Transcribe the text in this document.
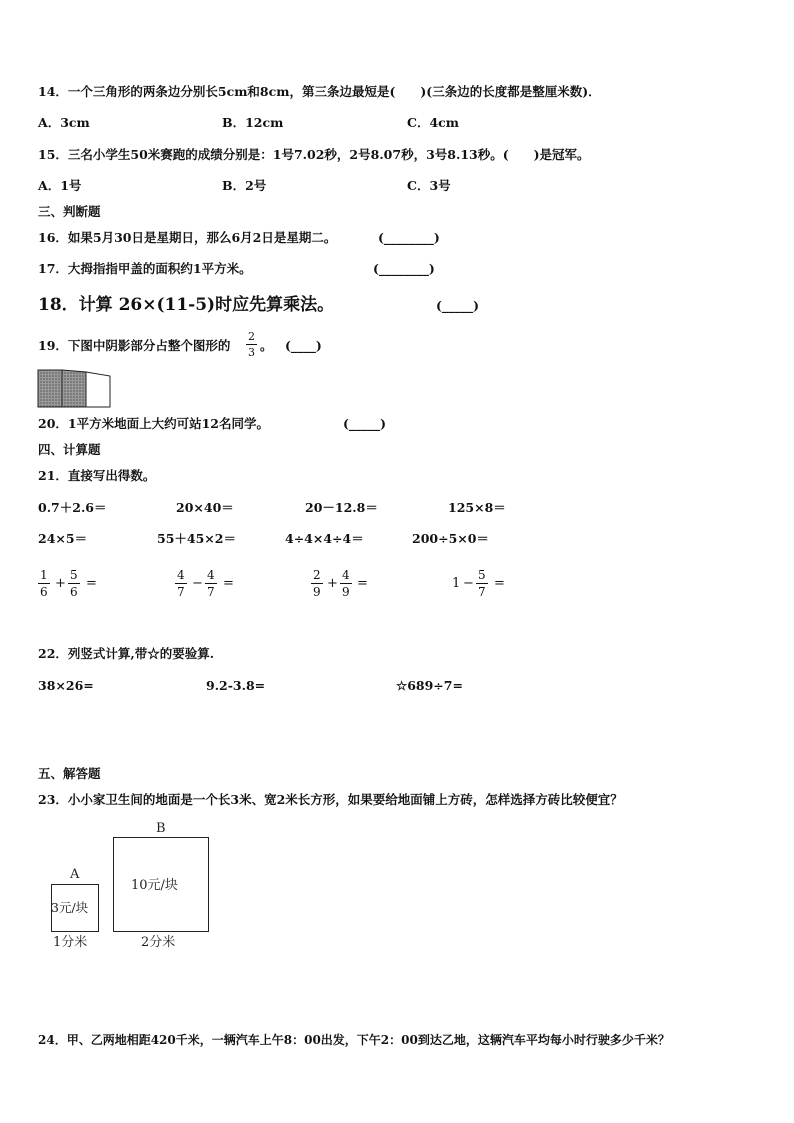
14．一个三角形的两条边分别长5cm和8cm，第三条边最短是(　　)(三条边的长度都是整厘米数)．
A．3cm	B．12cm	C．4cm
15．三名小学生50米赛跑的成绩分别是：1号7.02秒，2号8.07秒，3号8.13秒。(　　)是冠军。
A．1号	B．2号	C．3号
三、判断题
16．如果5月30日是星期日，那么6月2日是星期二。	(________)
17．大拇指指甲盖的面积约1平方米。	(________)
18．计算 26×(11-5)时应先算乘法。	(_____)
19．下图中阴影部分占整个图形的 $\frac{2}{3}$ 。 (____)
20．1平方米地面上大约可站12名同学。	(_____)
四、计算题
21．直接写出得数。
0.7＋2.6＝	20×40＝	20－12.8＝	125×8＝
24×5＝	55＋45×2＝	4÷4×4÷4＝	200÷5×0＝
$\frac{1}{6} + \frac{5}{6}$ =	$\frac{4}{7} - \frac{4}{7}$ =	$\frac{2}{9} + \frac{4}{9}$ =	$1 - \frac{5}{7}$ =
22．列竖式计算,带☆的要验算.
38×26=	9.2-3.8=	☆689÷7=
五、解答题
23．小小家卫生间的地面是一个长3米、宽2米长方形，如果要给地面铺上方砖，怎样选择方砖比较便宜？
A
3元/块
1分米
B
10元/块
2分米
24．甲、乙两地相距420千米，一辆汽车上午8：00出发，下午2：00到达乙地，这辆汽车平均每小时行驶多少千米？
